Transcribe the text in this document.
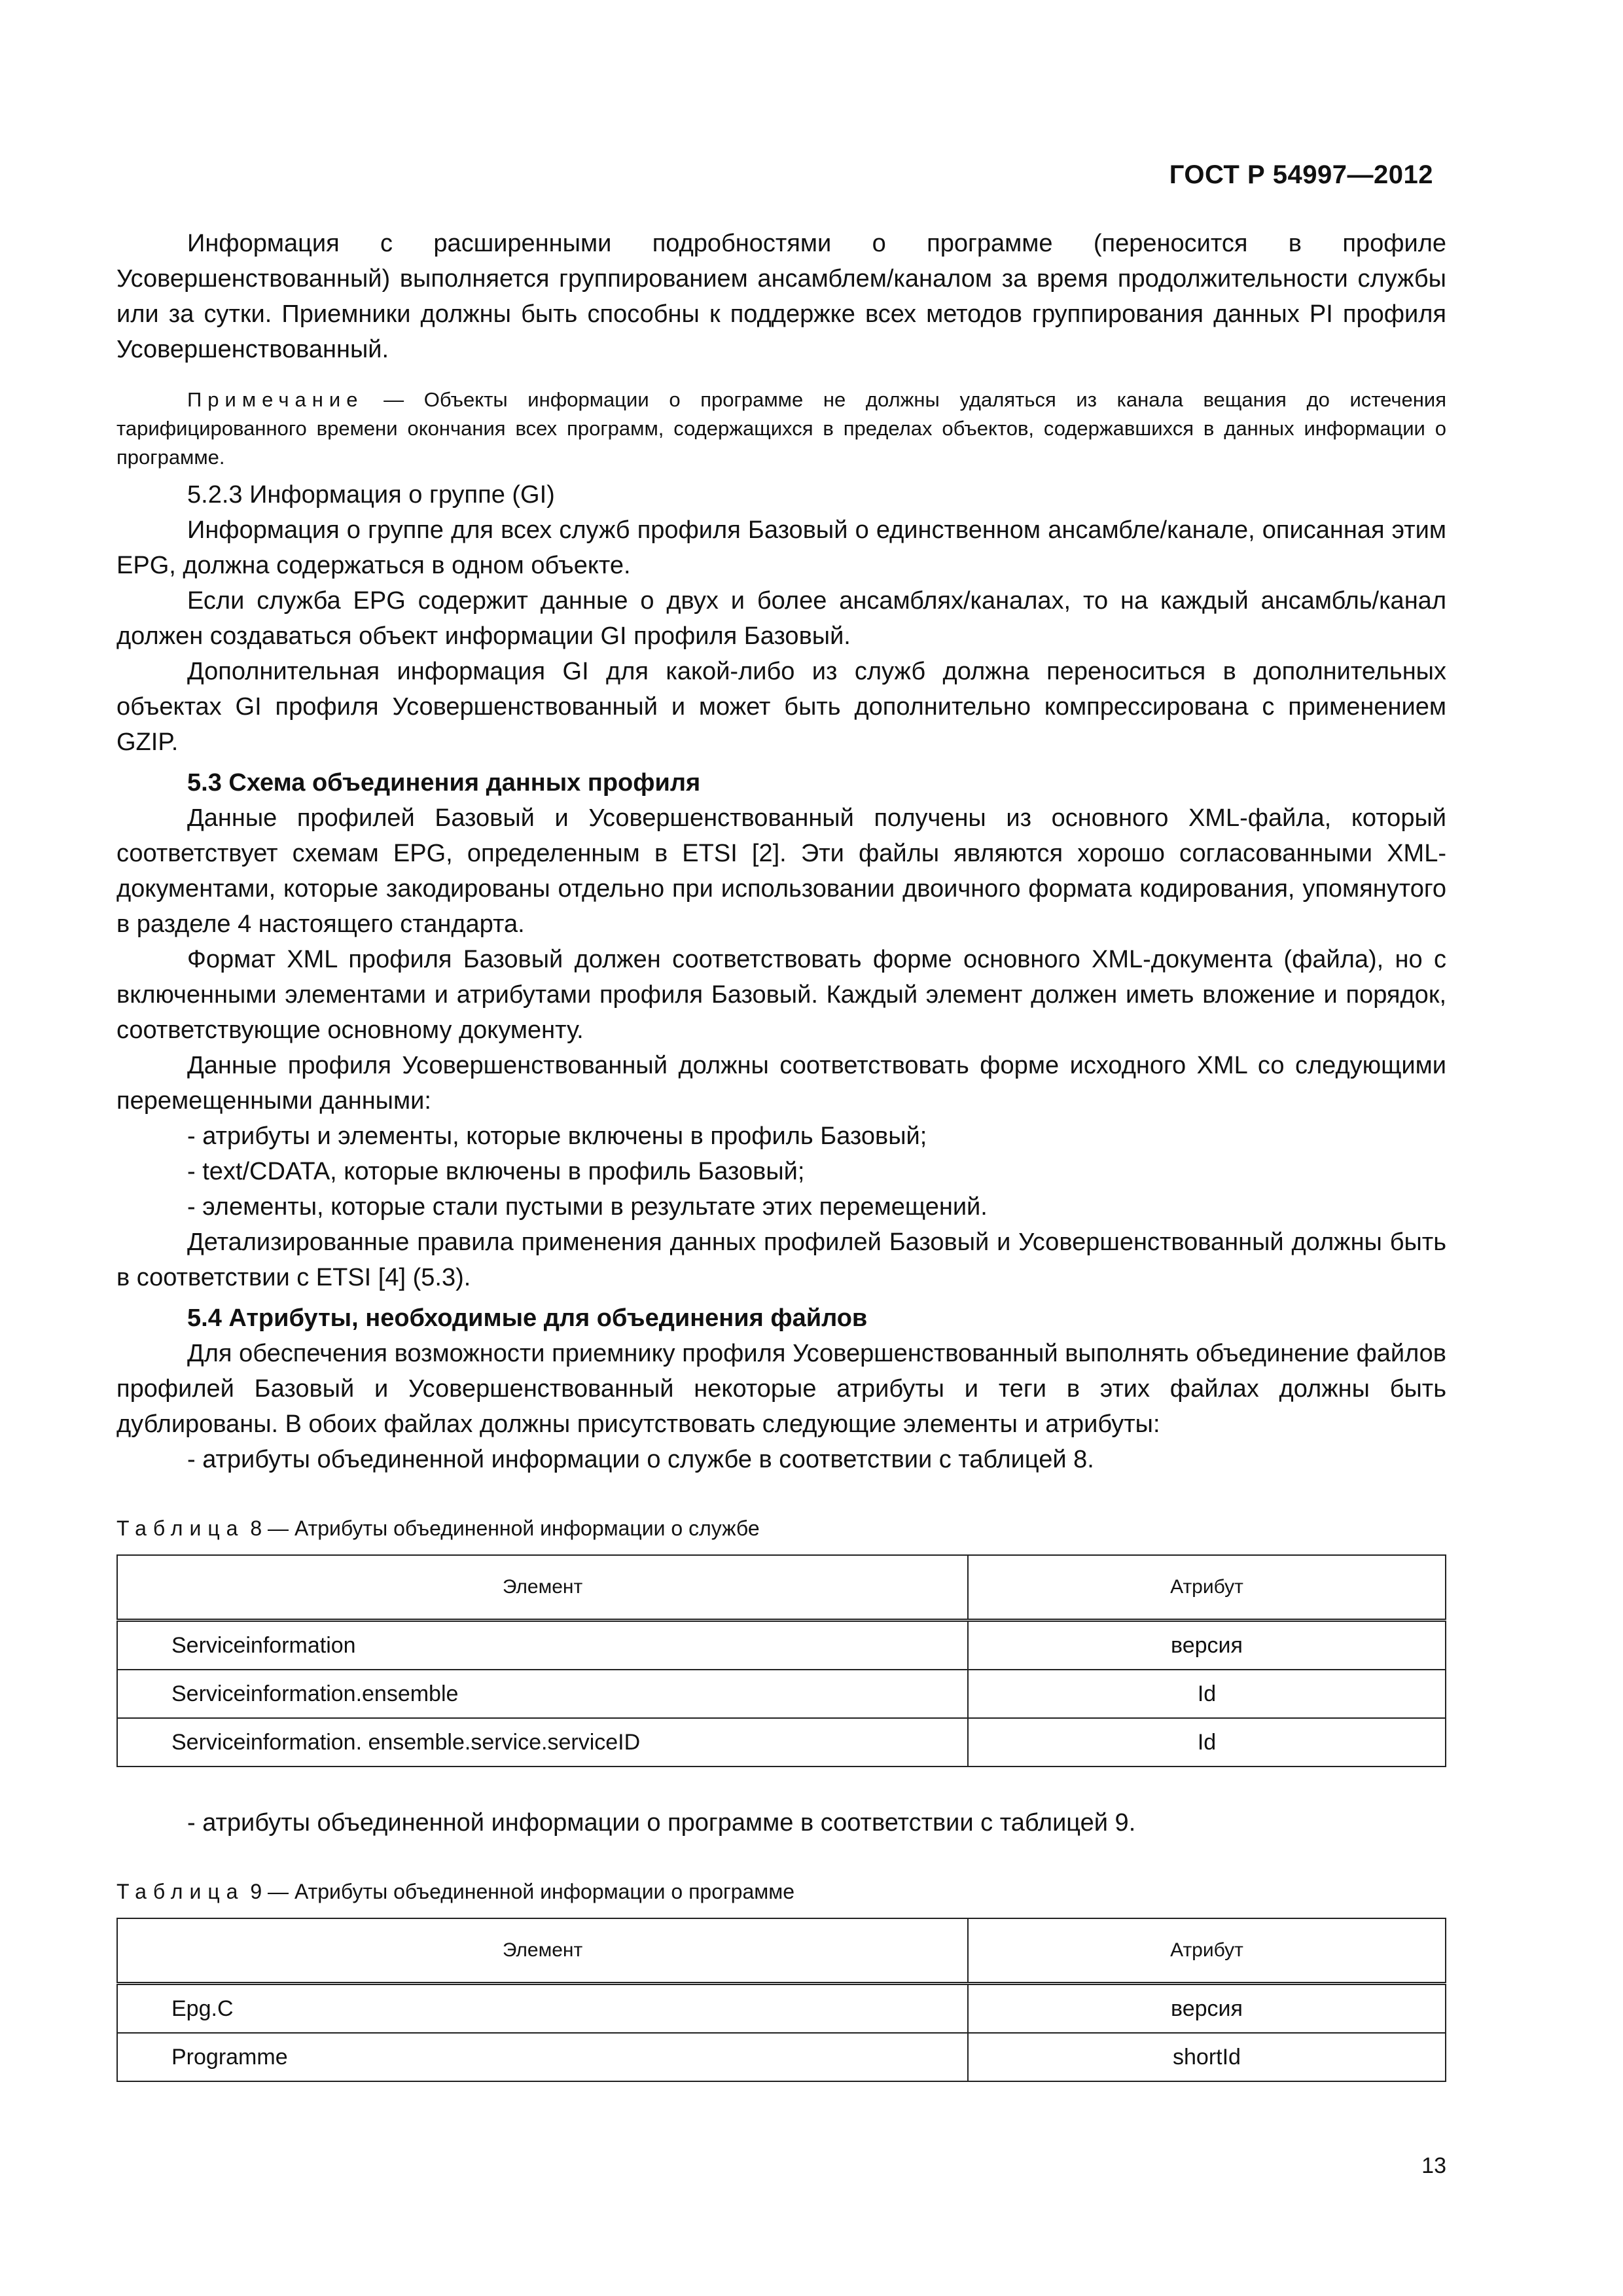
ГОСТ Р 54997—2012

Информация с расширенными подробностями о программе (переносится в профиле Усовершенствованный) выполняется группированием ансамблем/каналом за время продолжительности службы или за сутки. Приемники должны быть способны к поддержке всех методов группирования данных PI профиля Усовершенствованный.

Примечание — Объекты информации о программе не должны удаляться из канала вещания до истечения тарифицированного времени окончания всех программ, содержащихся в пределах объектов, содержавшихся в данных информации о программе.

5.2.3 Информация о группе (GI)

Информация о группе для всех служб профиля Базовый о единственном ансамбле/канале, описанная этим EPG, должна содержаться в одном объекте.

Если служба EPG содержит данные о двух и более ансамблях/каналах, то на каждый ансамбль/канал должен создаваться объект информации GI профиля Базовый.

Дополнительная информация GI для какой-либо из служб должна переноситься в дополнительных объектах GI профиля Усовершенствованный и может быть дополнительно компрессирована с применением GZIP.

5.3 Схема объединения данных профиля

Данные профилей Базовый и Усовершенствованный получены из основного XML-файла, который соответствует схемам EPG, определенным в ETSI [2]. Эти файлы являются хорошо согласованными XML-документами, которые закодированы отдельно при использовании двоичного формата кодирования, упомянутого в разделе 4 настоящего стандарта.

Формат XML профиля Базовый должен соответствовать форме основного XML-документа (файла), но с включенными элементами и атрибутами профиля Базовый. Каждый элемент должен иметь вложение и порядок, соответствующие основному документу.

Данные профиля Усовершенствованный должны соответствовать форме исходного XML со следующими перемещенными данными:

- атрибуты и элементы, которые включены в профиль Базовый;

- text/CDATA, которые включены в профиль Базовый;

- элементы, которые стали пустыми в результате этих перемещений.

Детализированные правила применения данных профилей Базовый и Усовершенствованный должны быть в соответствии с ETSI [4] (5.3).

5.4 Атрибуты, необходимые для объединения файлов

Для обеспечения возможности приемнику профиля Усовершенствованный выполнять объединение файлов профилей Базовый и Усовершенствованный некоторые атрибуты и теги в этих файлах должны быть дублированы. В обоих файлах должны присутствовать следующие элементы и атрибуты:

- атрибуты объединенной информации о службе в соответствии с таблицей 8.

Таблица 8 — Атрибуты объединенной информации о службе
Элемент	Атрибут
Serviceinformation	версия
Serviceinformation.ensemble	Id
Serviceinformation. ensemble.service.serviceID	Id

- атрибуты объединенной информации о программе в соответствии с таблицей 9.

Таблица 9 — Атрибуты объединенной информации о программе
Элемент	Атрибут
Epg.C	версия
Programme	shortId
13
